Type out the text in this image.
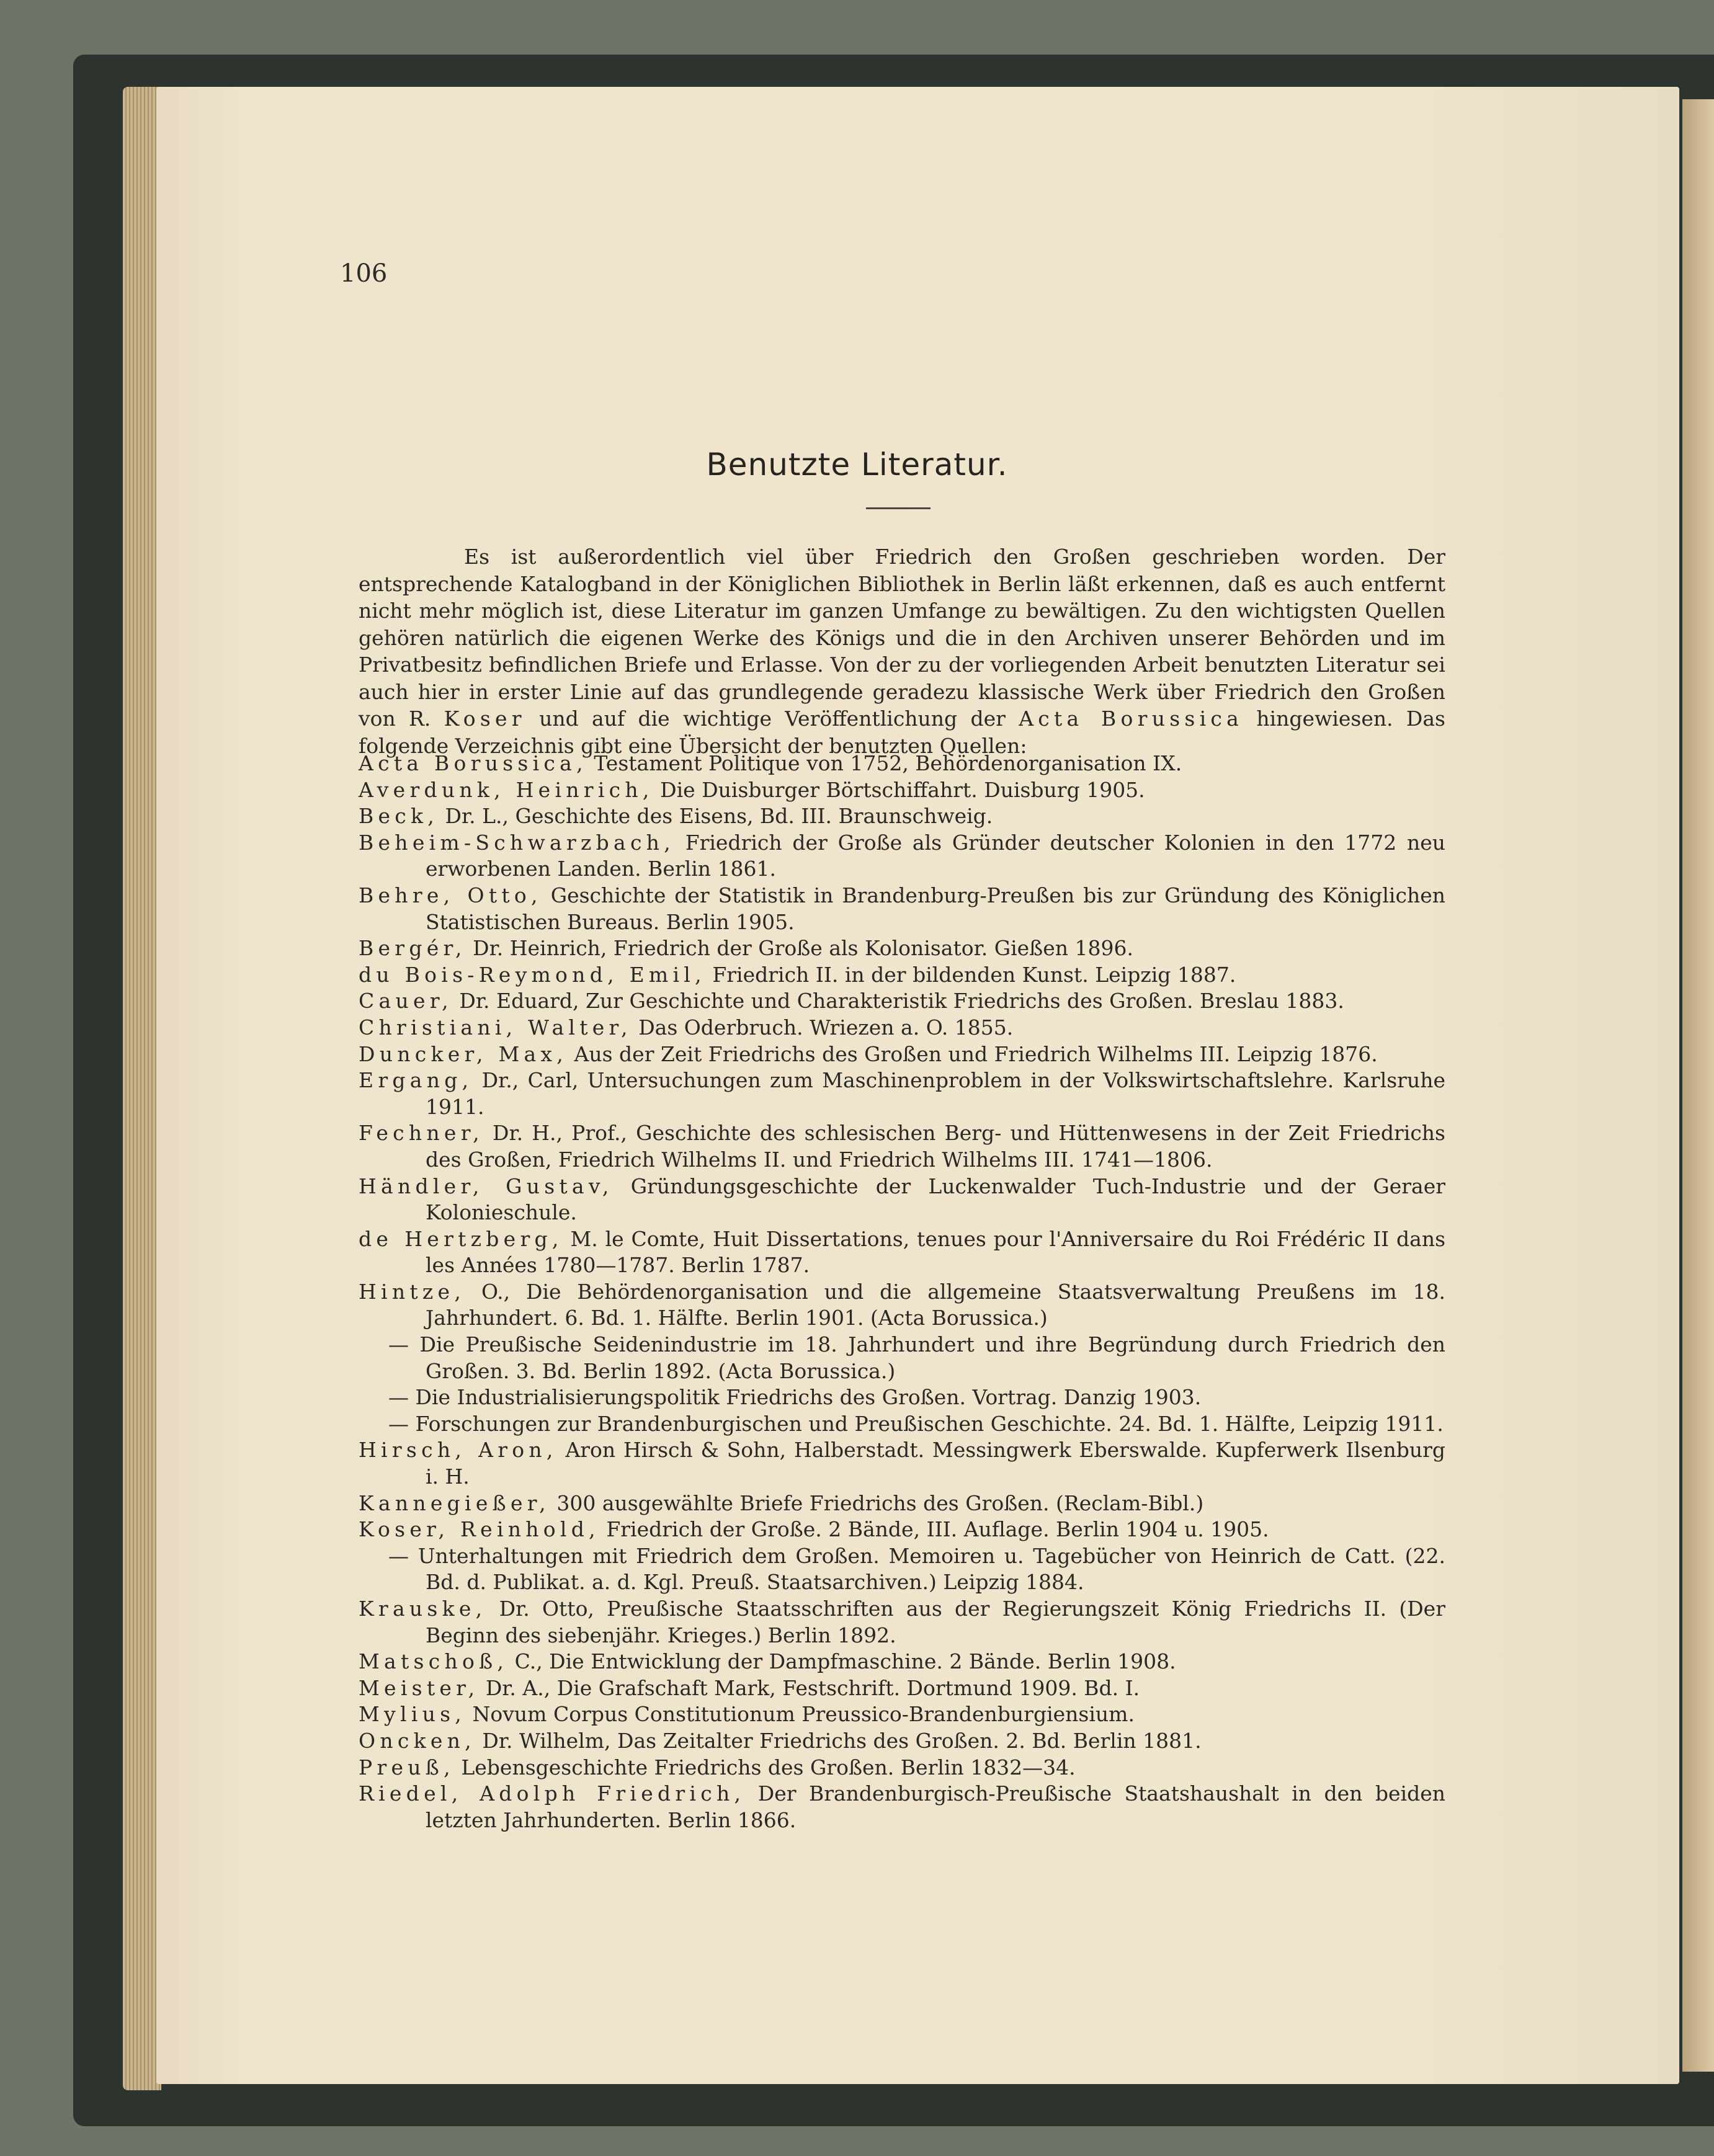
106
Benutzte Literatur.

Es ist außerordentlich viel über Friedrich den Großen geschrieben worden. Der entsprechende Katalogband in der Königlichen Bibliothek in Berlin läßt erkennen, daß es auch entfernt nicht mehr möglich ist, diese Literatur im ganzen Umfange zu bewältigen. Zu den wichtigsten Quellen gehören natürlich die eigenen Werke des Königs und die in den Archiven unserer Behörden und im Privatbesitz befindlichen Briefe und Erlasse. Von der zu der vorliegenden Arbeit benutzten Literatur sei auch hier in erster Linie auf das grundlegende geradezu klassische Werk über Friedrich den Großen von R. Koser und auf die wichtige Veröffentlichung der Acta Borussica hingewiesen. Das folgende Verzeichnis gibt eine Übersicht der benutzten Quellen:

Acta Borussica, Testament Politique von 1752, Behördenorganisation IX.
Averdunk, Heinrich, Die Duisburger Börtschiffahrt. Duisburg 1905.
Beck, Dr. L., Geschichte des Eisens, Bd. III. Braunschweig.
Beheim-Schwarzbach, Friedrich der Große als Gründer deutscher Kolonien in den 1772 neu erworbenen Landen. Berlin 1861.
Behre, Otto, Geschichte der Statistik in Brandenburg-Preußen bis zur Gründung des Königlichen Statistischen Bureaus. Berlin 1905.
Bergér, Dr. Heinrich, Friedrich der Große als Kolonisator. Gießen 1896.
du Bois-Reymond, Emil, Friedrich II. in der bildenden Kunst. Leipzig 1887.
Cauer, Dr. Eduard, Zur Geschichte und Charakteristik Friedrichs des Großen. Breslau 1883.
Christiani, Walter, Das Oderbruch. Wriezen a. O. 1855.
Duncker, Max, Aus der Zeit Friedrichs des Großen und Friedrich Wilhelms III. Leipzig 1876.
Ergang, Dr., Carl, Untersuchungen zum Maschinenproblem in der Volkswirtschaftslehre. Karlsruhe 1911.
Fechner, Dr. H., Prof., Geschichte des schlesischen Berg- und Hüttenwesens in der Zeit Friedrichs des Großen, Friedrich Wilhelms II. und Friedrich Wilhelms III. 1741—1806.
Händler, Gustav, Gründungsgeschichte der Luckenwalder Tuch-Industrie und der Geraer Kolonieschule.
de Hertzberg, M. le Comte, Huit Dissertations, tenues pour l'Anniversaire du Roi Frédéric II dans les Années 1780—1787. Berlin 1787.
Hintze, O., Die Behördenorganisation und die allgemeine Staatsverwaltung Preußens im 18. Jahrhundert. 6. Bd. 1. Hälfte. Berlin 1901. (Acta Borussica.)
— Die Preußische Seidenindustrie im 18. Jahrhundert und ihre Begründung durch Friedrich den Großen. 3. Bd. Berlin 1892. (Acta Borussica.)
— Die Industrialisierungspolitik Friedrichs des Großen. Vortrag. Danzig 1903.
— Forschungen zur Brandenburgischen und Preußischen Geschichte. 24. Bd. 1. Hälfte, Leipzig 1911.
Hirsch, Aron, Aron Hirsch & Sohn, Halberstadt. Messingwerk Eberswalde. Kupferwerk Ilsenburg i. H.
Kannegießer, 300 ausgewählte Briefe Friedrichs des Großen. (Reclam-Bibl.)
Koser, Reinhold, Friedrich der Große. 2 Bände, III. Auflage. Berlin 1904 u. 1905.
— Unterhaltungen mit Friedrich dem Großen. Memoiren u. Tagebücher von Heinrich de Catt. (22. Bd. d. Publikat. a. d. Kgl. Preuß. Staatsarchiven.) Leipzig 1884.
Krauske, Dr. Otto, Preußische Staatsschriften aus der Regierungszeit König Friedrichs II. (Der Beginn des siebenjähr. Krieges.) Berlin 1892.
Matschoß, C., Die Entwicklung der Dampfmaschine. 2 Bände. Berlin 1908.
Meister, Dr. A., Die Grafschaft Mark, Festschrift. Dortmund 1909. Bd. I.
Mylius, Novum Corpus Constitutionum Preussico-Brandenburgiensium.
Oncken, Dr. Wilhelm, Das Zeitalter Friedrichs des Großen. 2. Bd. Berlin 1881.
Preuß, Lebensgeschichte Friedrichs des Großen. Berlin 1832—34.
Riedel, Adolph Friedrich, Der Brandenburgisch-Preußische Staatshaushalt in den beiden letzten Jahrhunderten. Berlin 1866.
